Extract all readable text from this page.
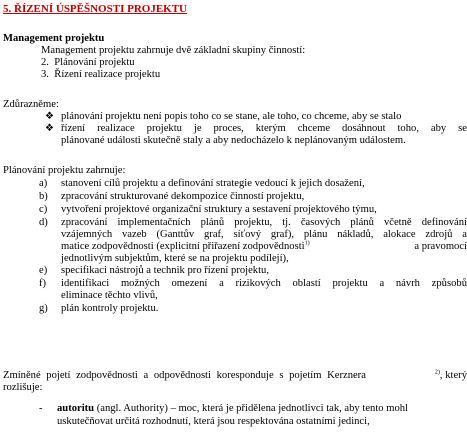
5. ŘÍZENÍ ÚSPĚŠNOSTI PROJEKTU
Management projektu
Management projektu zahrnuje dvě základní skupiny činností:
2. Plánování projektu
3. Řízení realizace projektu
Zdůrazněme:
❖ plánování projektu není popis toho co se stane, ale toho, co chceme, aby se stalo
❖ řízení realizace projektu je proces, kterým chceme dosáhnout toho, aby se
plánované události skutečně staly a aby nedocházelo k neplánovaným událostem.
Plánování projektu zahrnuje:
a) stanovení cílů projektu a definování strategie vedoucí k jejich dosažení,
b) zpracování strukturované dekompozice činností projektu,
c) vytvoření projektové organizační struktury a sestavení projektového týmu,
d) zpracování implementačních plánů projektu, tj. časových plánů včetně definování
vzájemných vazeb (Ganttův graf, síťový graf), plánu nákladů, alokace zdrojů a
matice zodpovědnosti (explicitní přiřazení zodpovědnosti$^{1)}$	a pravomocí
jednotlivým subjektům, které se na projektu podílejí),
e) specifikaci nástrojů a technik pro řízení projektu,
f) identifikaci možných omezení a rizikových oblastí projektu a návrh způsobů
eliminace těchto vlivů,
g) plán kontroly projektu.
Zmíněné pojetí zodpovědnosti a odpovědnosti koresponduje s pojetím Kerznera	$^{2)}$, který
rozlišuje:
- autoritu (angl. Authority) – moc, která je přidělena jednotlivci tak, aby tento mohl
uskutečňovat určitá rozhodnutí, která jsou respektována ostatními jedinci,
